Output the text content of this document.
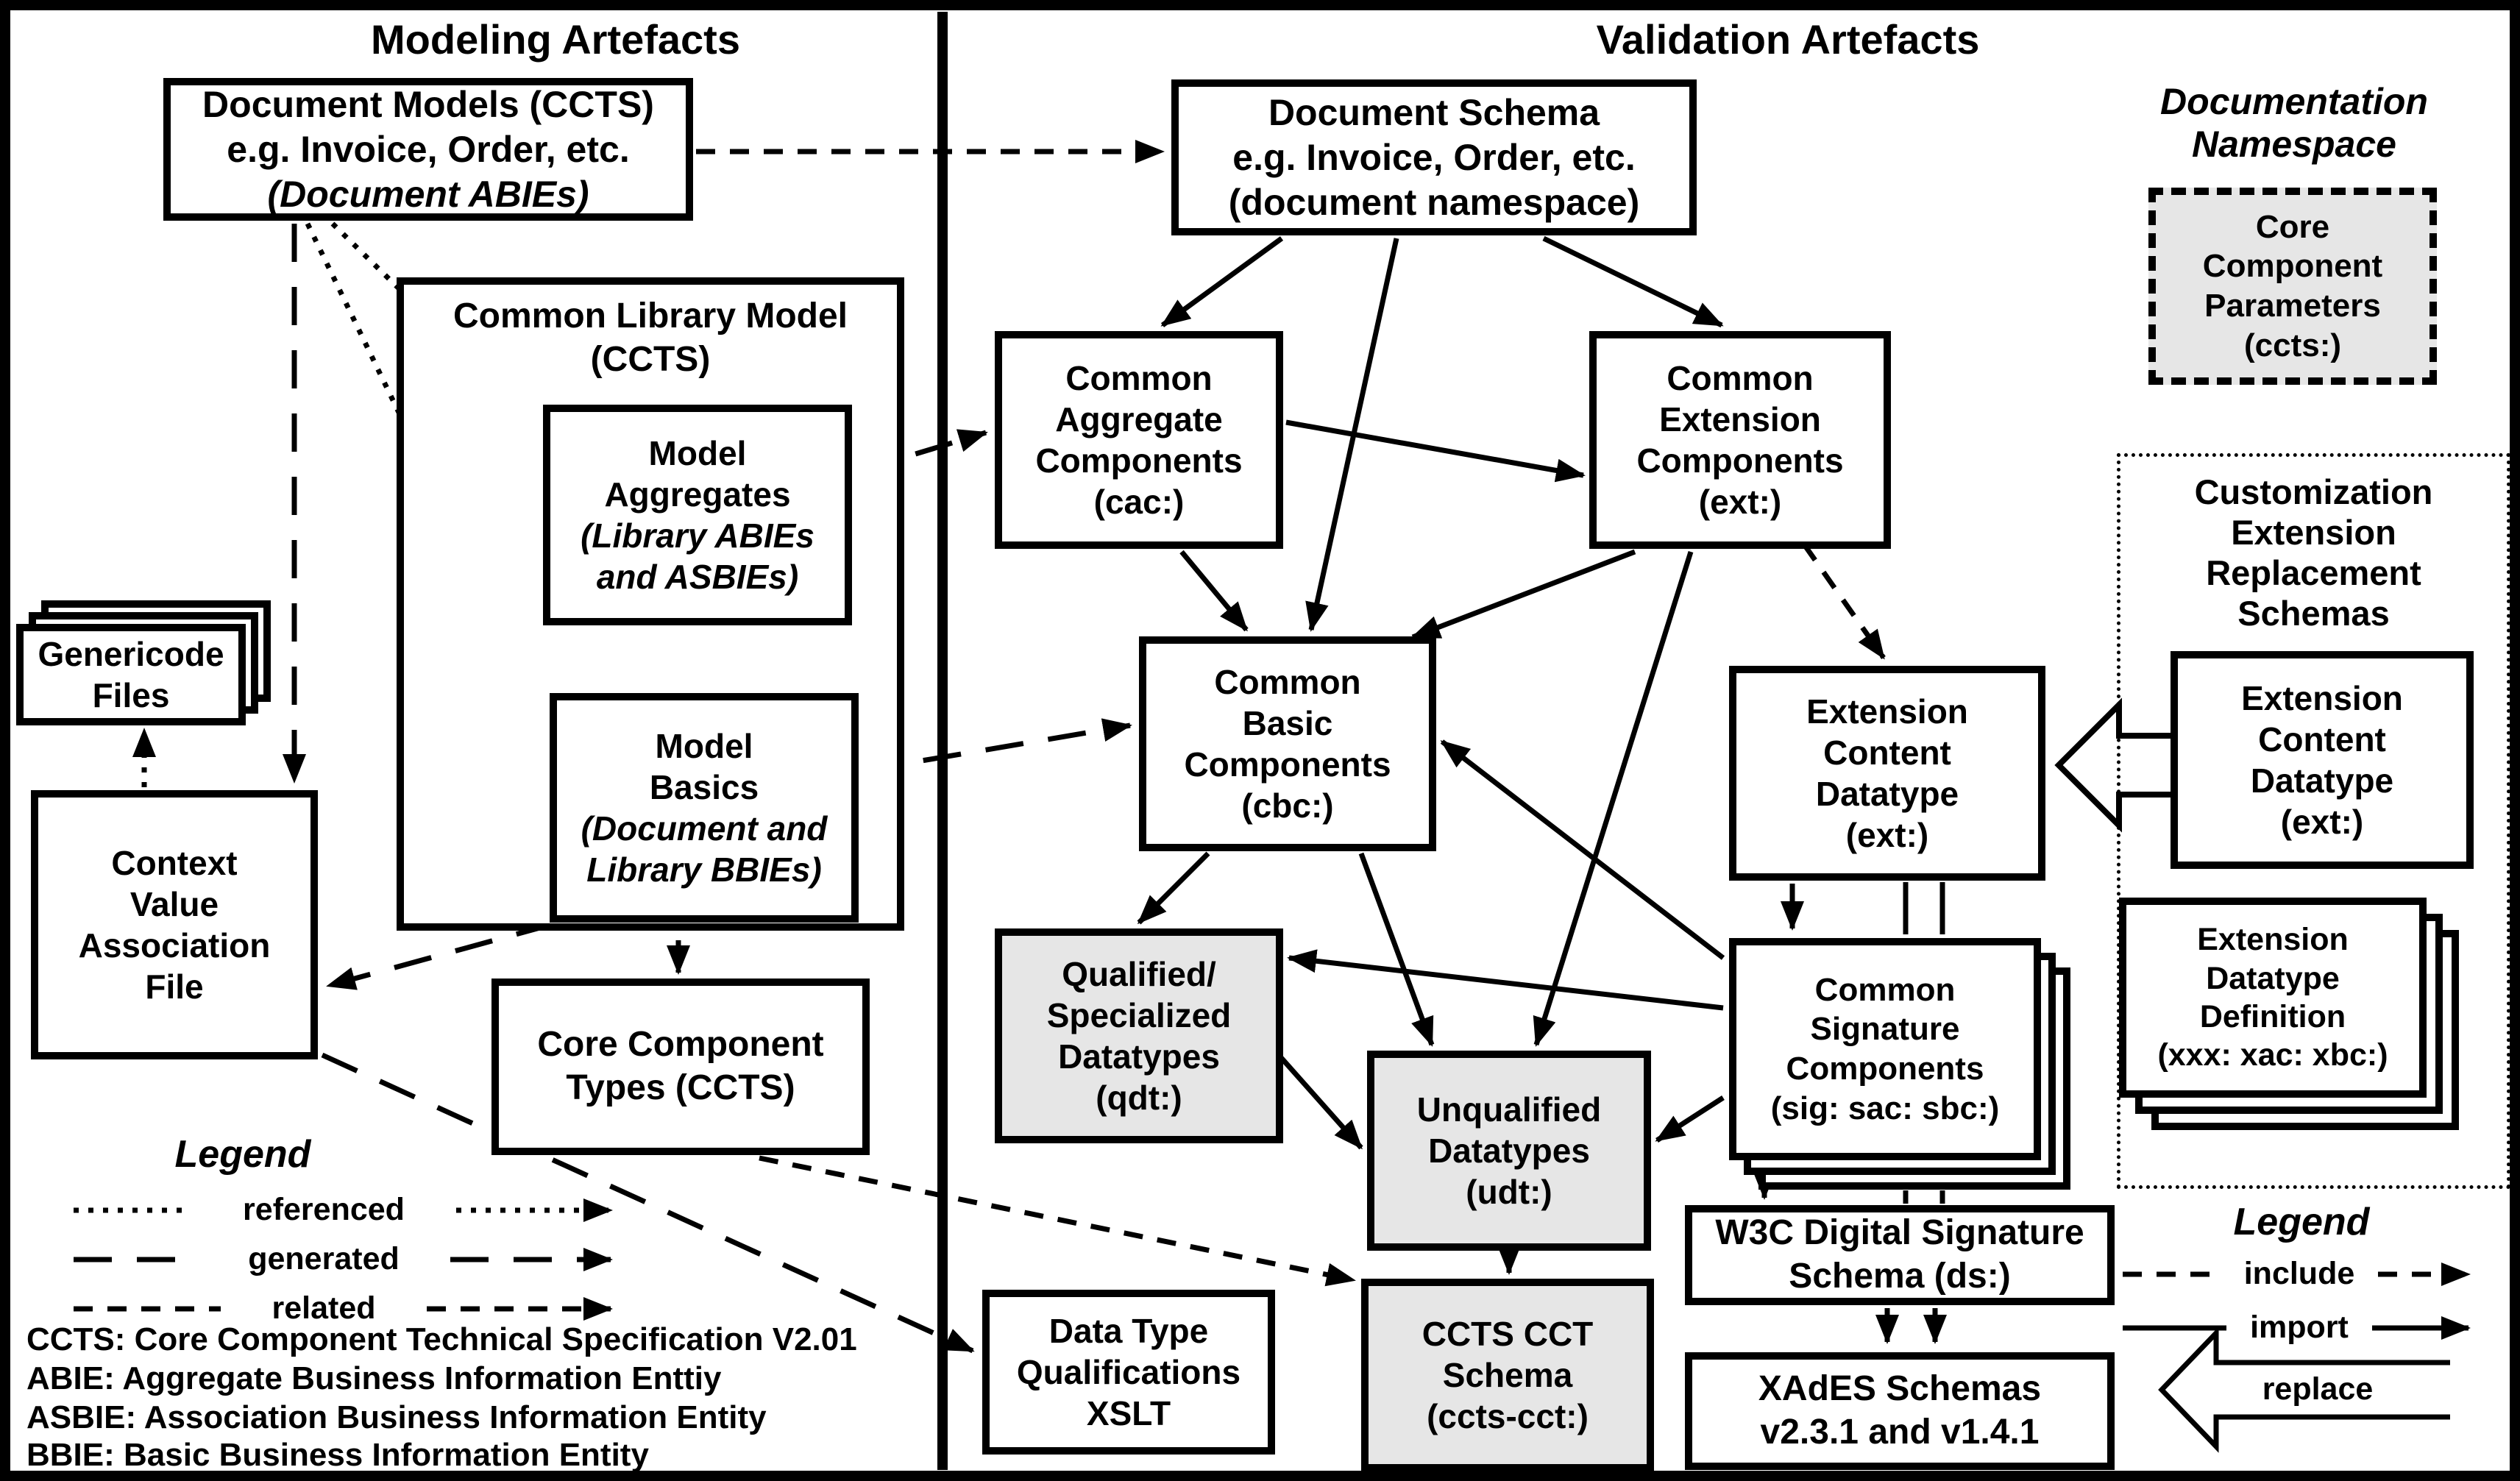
Modeling Artefacts	Validation Artefacts
Document Models (CCTS)
e.g. Invoice, Order, etc.
(Document ABIEs)
Common Library Model
(CCTS)
Model
Aggregates
(Library ABIEs
and ASBIEs)
Model
Basics
(Document and
Library BBIEs)
Genericode
Files
Context
Value
Association
File
Core Component
Types (CCTS)
Legend
referenced
generated
related
CCTS: Core Component Technical Specification V2.01
ABIE: Aggregate Business Information Enttiy
ASBIE: Association Business Information Entity
BBIE: Basic Business Information Entity
Document Schema
e.g. Invoice, Order, etc.
(document namespace)
Common
Aggregate
Components
(cac:)
Common
Extension
Components
(ext:)
Common
Basic
Components
(cbc:)
Qualified/
Specialized
Datatypes
(qdt:)	Unqualified
Datatypes
(udt:)
CCTS CCT
Schema
(ccts-cct:)
Data Type
Qualifications
XSLT
Extension
Content
Datatype
(ext:)
Common
Signature
Components
(sig: sac: sbc:)
W3C Digital Signature
Schema (ds:)
XAdES Schemas
v2.3.1 and v1.4.1
Documentation
Namespace
Core
Component
Parameters
(ccts:)
Customization
Extension
Replacement
Schemas
Extension
Content
Datatype
(ext:)
Extension
Datatype
Definition
(xxx: xac: xbc:)
Legend
include
import
replace
